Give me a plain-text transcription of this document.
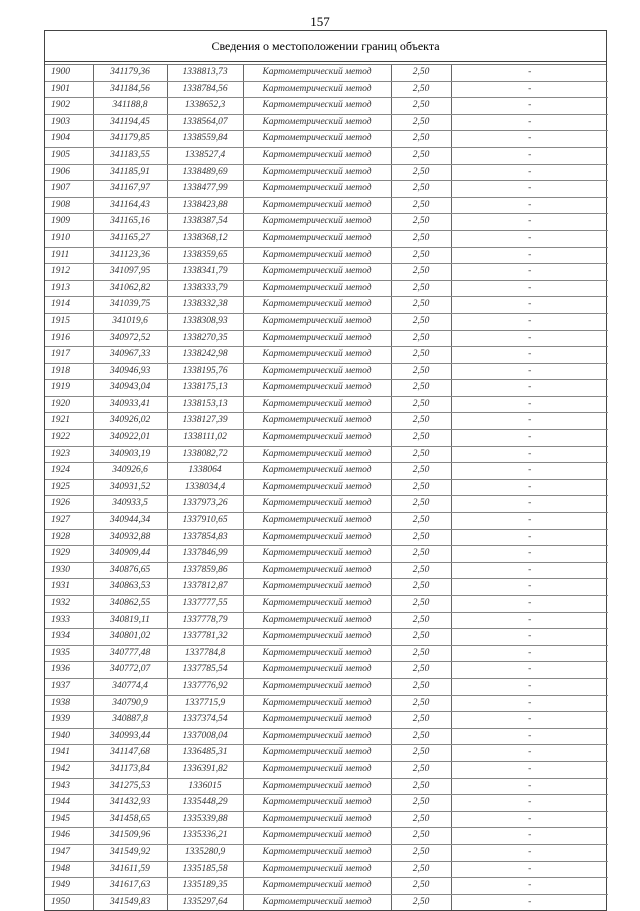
157
Сведения о местоположении границ объекта
1900	341179,36	1338813,73	Картометрический метод	2,50	-
1901	341184,56	1338784,56	Картометрический метод	2,50	-
1902	341188,8	1338652,3	Картометрический метод	2,50	-
1903	341194,45	1338564,07	Картометрический метод	2,50	-
1904	341179,85	1338559,84	Картометрический метод	2,50	-
1905	341183,55	1338527,4	Картометрический метод	2,50	-
1906	341185,91	1338489,69	Картометрический метод	2,50	-
1907	341167,97	1338477,99	Картометрический метод	2,50	-
1908	341164,43	1338423,88	Картометрический метод	2,50	-
1909	341165,16	1338387,54	Картометрический метод	2,50	-
1910	341165,27	1338368,12	Картометрический метод	2,50	-
1911	341123,36	1338359,65	Картометрический метод	2,50	-
1912	341097,95	1338341,79	Картометрический метод	2,50	-
1913	341062,82	1338333,79	Картометрический метод	2,50	-
1914	341039,75	1338332,38	Картометрический метод	2,50	-
1915	341019,6	1338308,93	Картометрический метод	2,50	-
1916	340972,52	1338270,35	Картометрический метод	2,50	-
1917	340967,33	1338242,98	Картометрический метод	2,50	-
1918	340946,93	1338195,76	Картометрический метод	2,50	-
1919	340943,04	1338175,13	Картометрический метод	2,50	-
1920	340933,41	1338153,13	Картометрический метод	2,50	-
1921	340926,02	1338127,39	Картометрический метод	2,50	-
1922	340922,01	1338111,02	Картометрический метод	2,50	-
1923	340903,19	1338082,72	Картометрический метод	2,50	-
1924	340926,6	1338064	Картометрический метод	2,50	-
1925	340931,52	1338034,4	Картометрический метод	2,50	-
1926	340933,5	1337973,26	Картометрический метод	2,50	-
1927	340944,34	1337910,65	Картометрический метод	2,50	-
1928	340932,88	1337854,83	Картометрический метод	2,50	-
1929	340909,44	1337846,99	Картометрический метод	2,50	-
1930	340876,65	1337859,86	Картометрический метод	2,50	-
1931	340863,53	1337812,87	Картометрический метод	2,50	-
1932	340862,55	1337777,55	Картометрический метод	2,50	-
1933	340819,11	1337778,79	Картометрический метод	2,50	-
1934	340801,02	1337781,32	Картометрический метод	2,50	-
1935	340777,48	1337784,8	Картометрический метод	2,50	-
1936	340772,07	1337785,54	Картометрический метод	2,50	-
1937	340774,4	1337776,92	Картометрический метод	2,50	-
1938	340790,9	1337715,9	Картометрический метод	2,50	-
1939	340887,8	1337374,54	Картометрический метод	2,50	-
1940	340993,44	1337008,04	Картометрический метод	2,50	-
1941	341147,68	1336485,31	Картометрический метод	2,50	-
1942	341173,84	1336391,82	Картометрический метод	2,50	-
1943	341275,53	1336015	Картометрический метод	2,50	-
1944	341432,93	1335448,29	Картометрический метод	2,50	-
1945	341458,65	1335339,88	Картометрический метод	2,50	-
1946	341509,96	1335336,21	Картометрический метод	2,50	-
1947	341549,92	1335280,9	Картометрический метод	2,50	-
1948	341611,59	1335185,58	Картометрический метод	2,50	-
1949	341617,63	1335189,35	Картометрический метод	2,50	-
1950	341549,83	1335297,64	Картометрический метод	2,50	-
